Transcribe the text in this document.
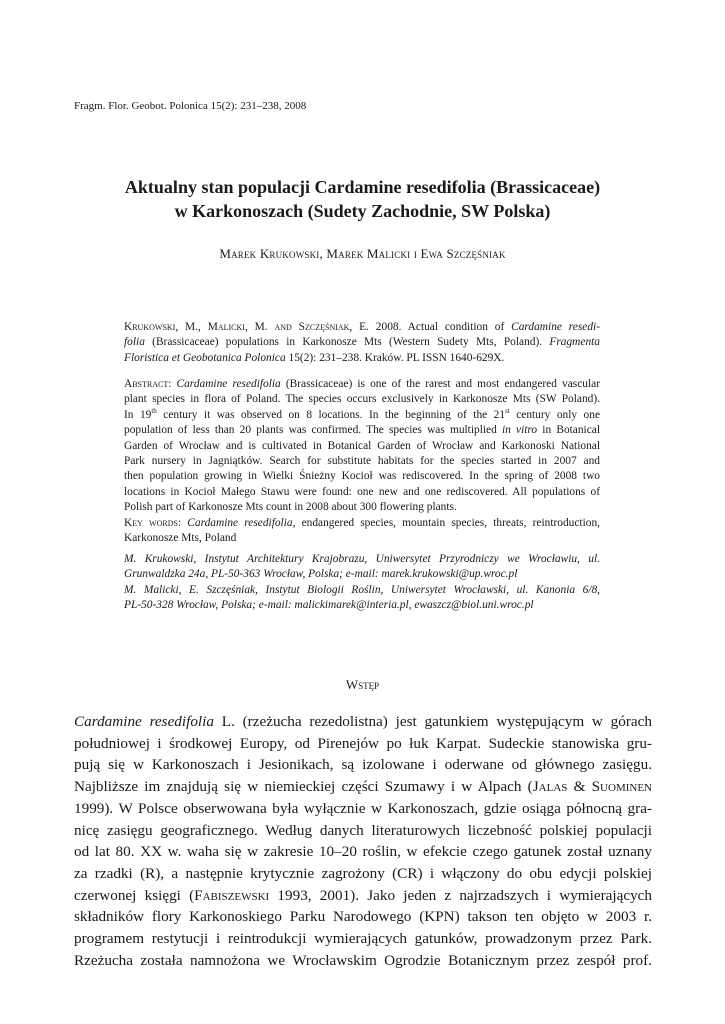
Fragm. Flor. Geobot. Polonica 15(2): 231–238, 2008
Aktualny stan populacji Cardamine resedifolia (Brassicaceae)
w Karkonoszach (Sudety Zachodnie, SW Polska)
Marek Krukowski, Marek Malicki i Ewa Szczęśniak
Krukowski, M., Malicki, M. and Szczęśniak, E. 2008. Actual condition of Cardamine resedi-
folia (Brassicaceae) populations in Karkonosze Mts (Western Sudety Mts, Poland). Fragmenta
Floristica et Geobotanica Polonica 15(2): 231–238. Kraków. PL ISSN 1640-629X.
Abstract: Cardamine resedifolia (Brassicaceae) is one of the rarest and most endangered vascular
plant species in flora of Poland. The species occurs exclusively in Karkonosze Mts (SW Poland).
In 19th century it was observed on 8 locations. In the beginning of the 21st century only one
population of less than 20 plants was confirmed. The species was multiplied in vitro in Botanical
Garden of Wrocław and is cultivated in Botanical Garden of Wrocław and Karkonoski National
Park nursery in Jagniątków. Search for substitute habitats for the species started in 2007 and
then population growing in Wielki Śnieżny Kocioł was rediscovered. In the spring of 2008 two
locations in Kocioł Małego Stawu were found: one new and one rediscovered. All populations of
Polish part of Karkonosze Mts count in 2008 about 300 flowering plants.
Key words: Cardamine resedifolia, endangered species, mountain species, threats, reintroduction,
Karkonosze Mts, Poland
M. Krukowski, Instytut Architektury Krajobrazu, Uniwersytet Przyrodniczy we Wrocławiu, ul.
Grunwaldzka 24a, PL-50-363 Wrocław, Polska; e-mail: marek.krukowski@up.wroc.pl
M. Malicki, E. Szczęśniak, Instytut Biologii Roślin, Uniwersytet Wrocławski, ul. Kanonia 6/8,
PL-50-328 Wrocław, Polska; e-mail: malickimarek@interia.pl, ewaszcz@biol.uni.wroc.pl
Wstęp
Cardamine resedifolia L. (rzeżucha rezedolistna) jest gatunkiem występującym w górach
południowej i środkowej Europy, od Pirenejów po łuk Karpat. Sudeckie stanowiska gru-
pują się w Karkonoszach i Jesionikach, są izolowane i oderwane od głównego zasięgu.
Najbliższe im znajdują się w niemieckiej części Szumawy i w Alpach (Jalas & Suominen
1999). W Polsce obserwowana była wyłącznie w Karkonoszach, gdzie osiąga północną gra-
nicę zasięgu geograficznego. Według danych literaturowych liczebność polskiej populacji
od lat 80. XX w. waha się w zakresie 10–20 roślin, w efekcie czego gatunek został uznany
za rzadki (R), a następnie krytycznie zagrożony (CR) i włączony do obu edycji polskiej
czerwonej księgi (Fabiszewski 1993, 2001). Jako jeden z najrzadszych i wymierających
składników flory Karkonoskiego Parku Narodowego (KPN) takson ten objęto w 2003 r.
programem restytucji i reintrodukcji wymierających gatunków, prowadzonym przez Park.
Rzeżucha została namnożona we Wrocławskim Ogrodzie Botanicznym przez zespół prof.
